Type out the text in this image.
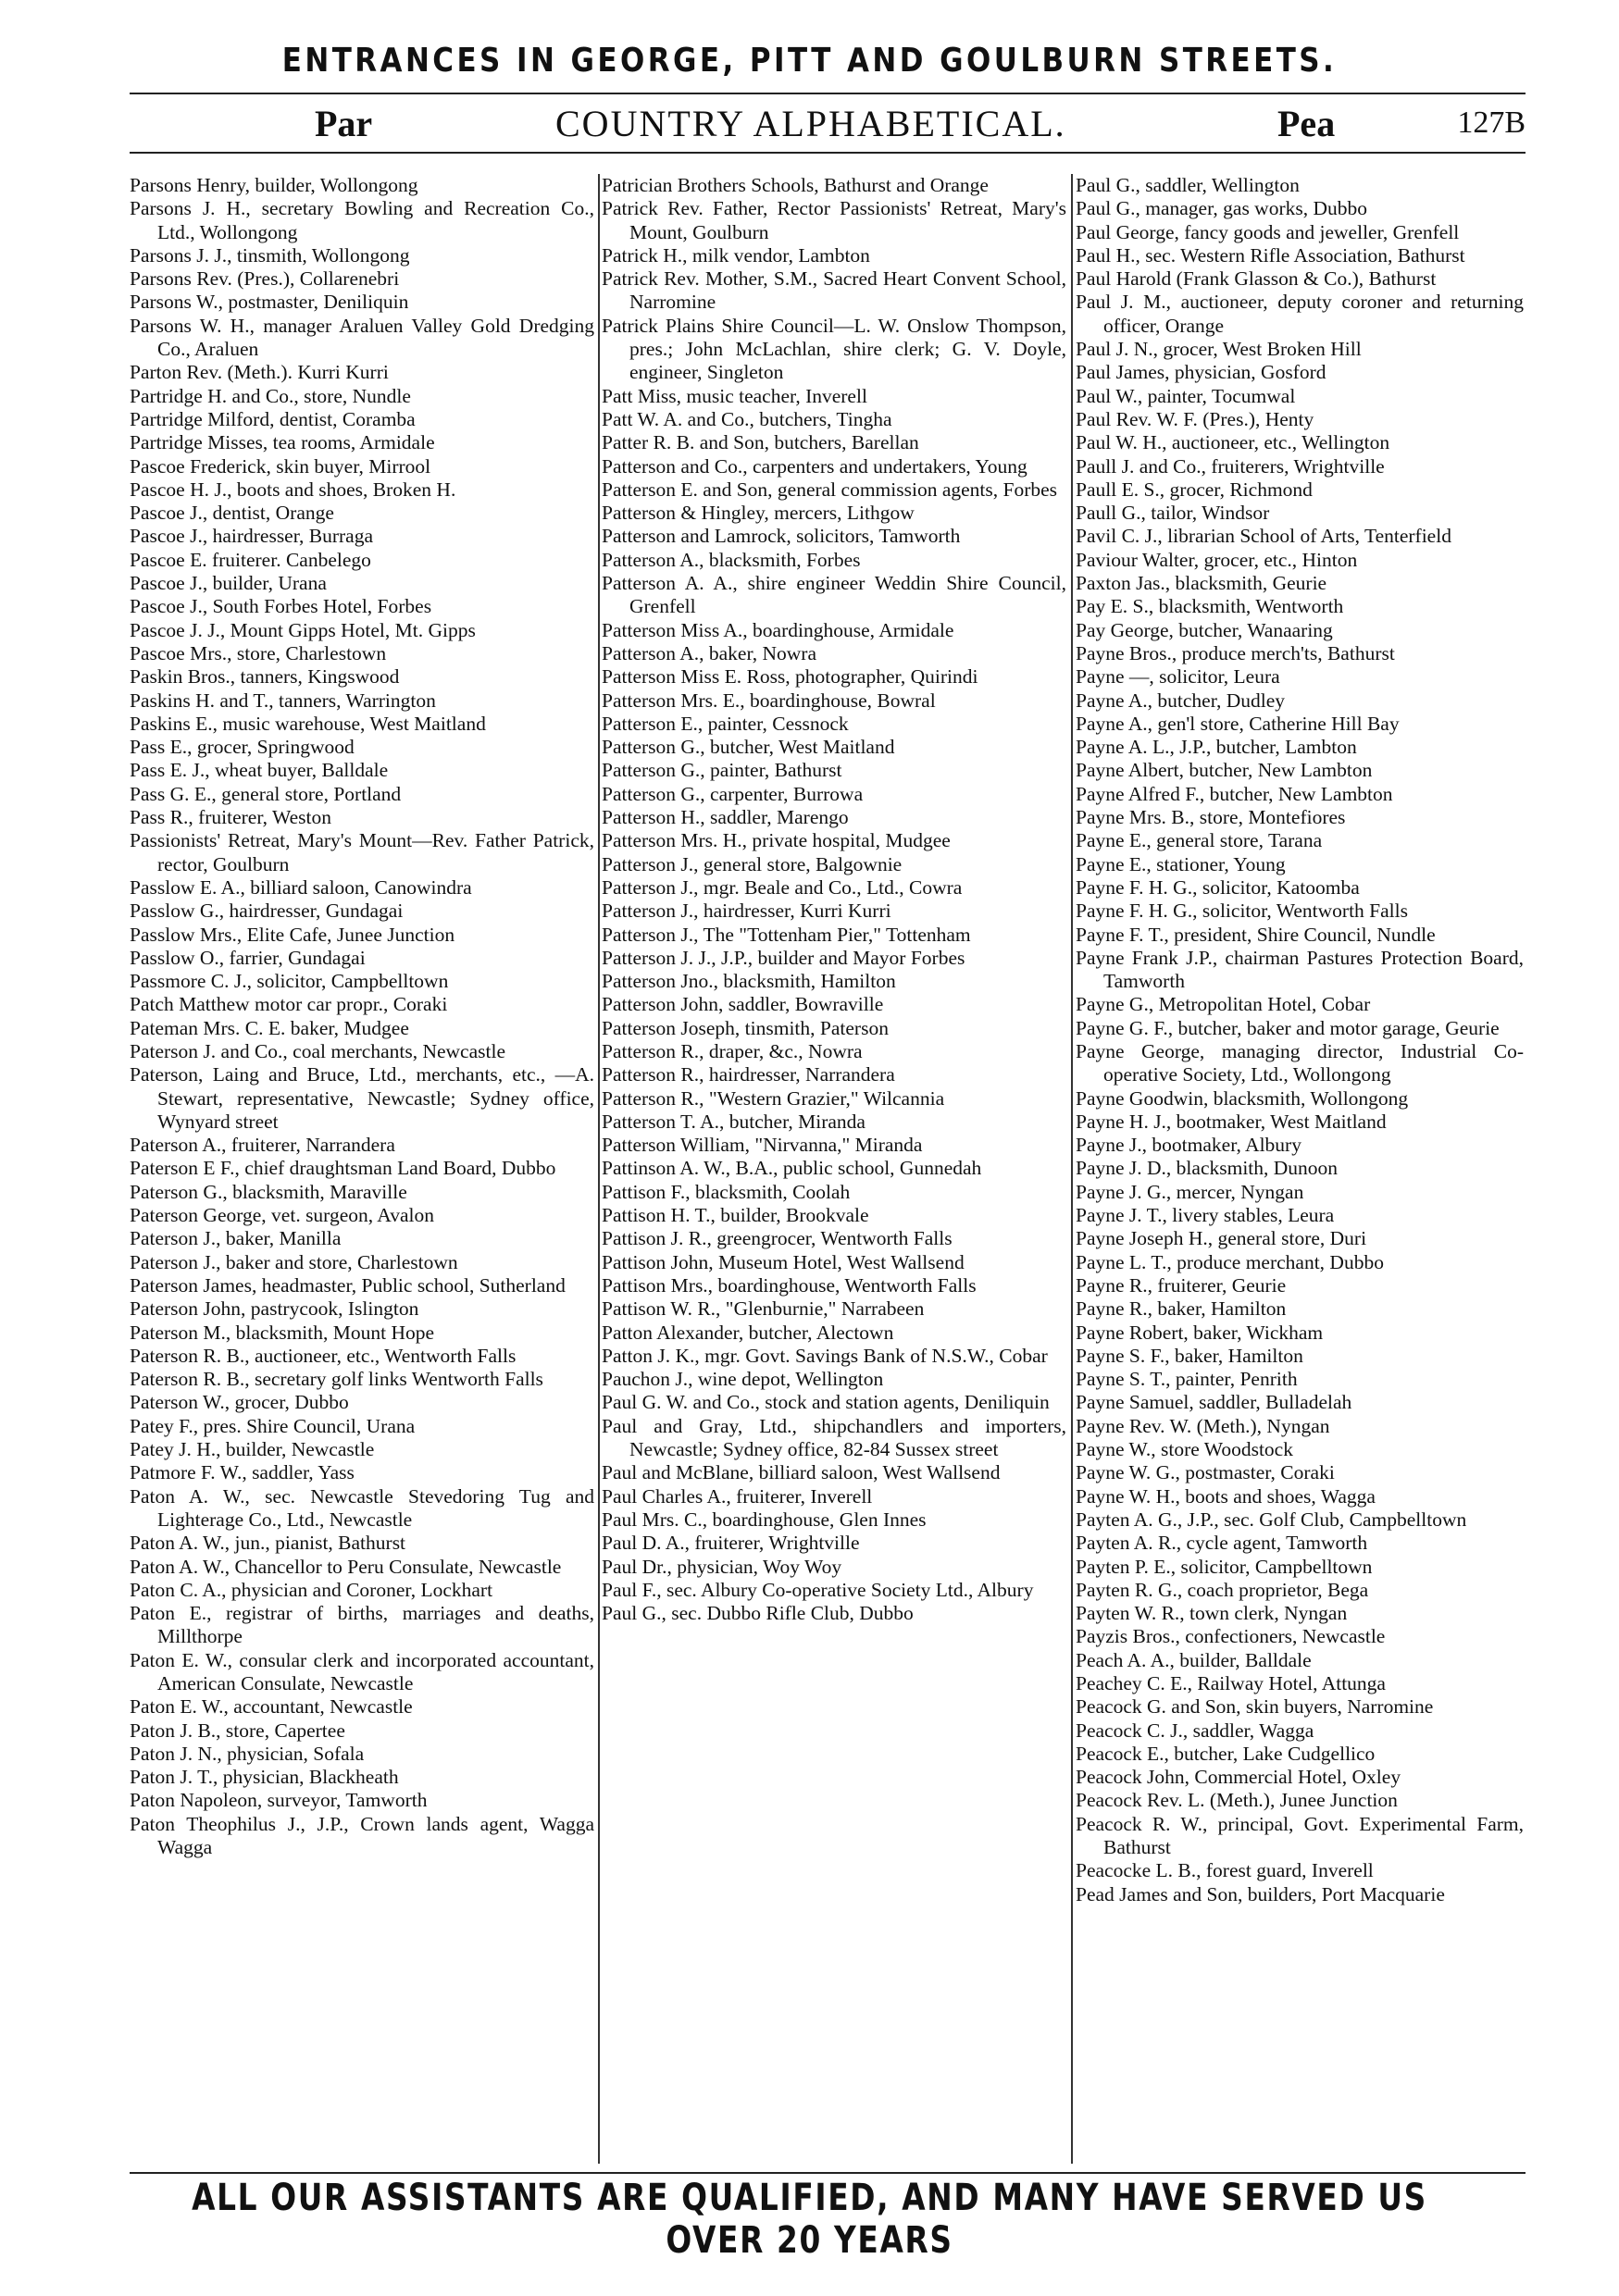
ENTRANCES IN GEORGE, PITT AND GOULBURN STREETS.
Par	COUNTRY ALPHABETICAL.	Pea	127B

Parsons Henry, builder, Wollongong

Parsons J. H., secretary Bowling and Recreation Co., Ltd., Wollongong

Parsons J. J., tinsmith, Wollongong

Parsons Rev. (Pres.), Collarenebri

Parsons W., postmaster, Deniliquin

Parsons W. H., manager Araluen Valley Gold Dredging Co., Araluen

Parton Rev. (Meth.). Kurri Kurri

Partridge H. and Co., store, Nundle

Partridge Milford, dentist, Coramba

Partridge Misses, tea rooms, Armidale

Pascoe Frederick, skin buyer, Mirrool

Pascoe H. J., boots and shoes, Broken H.

Pascoe J., dentist, Orange

Pascoe J., hairdresser, Burraga

Pascoe E. fruiterer. Canbelego

Pascoe J., builder, Urana

Pascoe J., South Forbes Hotel, Forbes

Pascoe J. J., Mount Gipps Hotel, Mt. Gipps

Pascoe Mrs., store, Charlestown

Paskin Bros., tanners, Kingswood

Paskins H. and T., tanners, Warrington

Paskins E., music warehouse, West Maitland

Pass E., grocer, Springwood

Pass E. J., wheat buyer, Balldale

Pass G. E., general store, Portland

Pass R., fruiterer, Weston

Passionists' Retreat, Mary's Mount—Rev. Father Patrick, rector, Goulburn

Passlow E. A., billiard saloon, Canowindra

Passlow G., hairdresser, Gundagai

Passlow Mrs., Elite Cafe, Junee Junction

Passlow O., farrier, Gundagai

Passmore C. J., solicitor, Campbelltown

Patch Matthew motor car propr., Coraki

Pateman Mrs. C. E. baker, Mudgee

Paterson J. and Co., coal merchants, Newcastle

Paterson, Laing and Bruce, Ltd., merchants, etc., —A. Stewart, representative, Newcastle; Sydney office, Wynyard street

Paterson A., fruiterer, Narrandera

Paterson E F., chief draughtsman Land Board, Dubbo

Paterson G., blacksmith, Maraville

Paterson George, vet. surgeon, Avalon

Paterson J., baker, Manilla

Paterson J., baker and store, Charlestown

Paterson James, headmaster, Public school, Sutherland

Paterson John, pastrycook, Islington

Paterson M., blacksmith, Mount Hope

Paterson R. B., auctioneer, etc., Wentworth Falls

Paterson R. B., secretary golf links Wentworth Falls

Paterson W., grocer, Dubbo

Patey F., pres. Shire Council, Urana

Patey J. H., builder, Newcastle

Patmore F. W., saddler, Yass

Paton A. W., sec. Newcastle Stevedoring Tug and Lighterage Co., Ltd., Newcastle

Paton A. W., jun., pianist, Bathurst

Paton A. W., Chancellor to Peru Consulate, Newcastle

Paton C. A., physician and Coroner, Lockhart

Paton E., registrar of births, marriages and deaths, Millthorpe

Paton E. W., consular clerk and incorporated accountant, American Consulate, Newcastle

Paton E. W., accountant, Newcastle

Paton J. B., store, Capertee

Paton J. N., physician, Sofala

Paton J. T., physician, Blackheath

Paton Napoleon, surveyor, Tamworth

Paton Theophilus J., J.P., Crown lands agent, Wagga Wagga

Patrician Brothers Schools, Bathurst and Orange

Patrick Rev. Father, Rector Passionists' Retreat, Mary's Mount, Goulburn

Patrick H., milk vendor, Lambton

Patrick Rev. Mother, S.M., Sacred Heart Convent School, Narromine

Patrick Plains Shire Council—L. W. Onslow Thompson, pres.; John McLachlan, shire clerk; G. V. Doyle, engineer, Singleton

Patt Miss, music teacher, Inverell

Patt W. A. and Co., butchers, Tingha

Patter R. B. and Son, butchers, Barellan

Patterson and Co., carpenters and undertakers, Young

Patterson E. and Son, general commission agents, Forbes

Patterson & Hingley, mercers, Lithgow

Patterson and Lamrock, solicitors, Tamworth

Patterson A., blacksmith, Forbes

Patterson A. A., shire engineer Weddin Shire Council, Grenfell

Patterson Miss A., boardinghouse, Armidale

Patterson A., baker, Nowra

Patterson Miss E. Ross, photographer, Quirindi

Patterson Mrs. E., boardinghouse, Bowral

Patterson E., painter, Cessnock

Patterson G., butcher, West Maitland

Patterson G., painter, Bathurst

Patterson G., carpenter, Burrowa

Patterson H., saddler, Marengo

Patterson Mrs. H., private hospital, Mudgee

Patterson J., general store, Balgownie

Patterson J., mgr. Beale and Co., Ltd., Cowra

Patterson J., hairdresser, Kurri Kurri

Patterson J., The "Tottenham Pier," Tottenham

Patterson J. J., J.P., builder and Mayor Forbes

Patterson Jno., blacksmith, Hamilton

Patterson John, saddler, Bowraville

Patterson Joseph, tinsmith, Paterson

Patterson R., draper, &c., Nowra

Patterson R., hairdresser, Narrandera

Patterson R., "Western Grazier," Wilcannia

Patterson T. A., butcher, Miranda

Patterson William, "Nirvanna," Miranda

Pattinson A. W., B.A., public school, Gunnedah

Pattison F., blacksmith, Coolah

Pattison H. T., builder, Brookvale

Pattison J. R., greengrocer, Wentworth Falls

Pattison John, Museum Hotel, West Wallsend

Pattison Mrs., boardinghouse, Wentworth Falls

Pattison W. R., "Glenburnie," Narrabeen

Patton Alexander, butcher, Alectown

Patton J. K., mgr. Govt. Savings Bank of N.S.W., Cobar

Pauchon J., wine depot, Wellington

Paul G. W. and Co., stock and station agents, Deniliquin

Paul and Gray, Ltd., shipchandlers and importers, Newcastle; Sydney office, 82-84 Sussex street

Paul and McBlane, billiard saloon, West Wallsend

Paul Charles A., fruiterer, Inverell

Paul Mrs. C., boardinghouse, Glen Innes

Paul D. A., fruiterer, Wrightville

Paul Dr., physician, Woy Woy

Paul F., sec. Albury Co-operative Society Ltd., Albury

Paul G., sec. Dubbo Rifle Club, Dubbo

Paul G., saddler, Wellington

Paul G., manager, gas works, Dubbo

Paul George, fancy goods and jeweller, Grenfell

Paul H., sec. Western Rifle Association, Bathurst

Paul Harold (Frank Glasson & Co.), Bathurst

Paul J. M., auctioneer, deputy coroner and returning officer, Orange

Paul J. N., grocer, West Broken Hill

Paul James, physician, Gosford

Paul W., painter, Tocumwal

Paul Rev. W. F. (Pres.), Henty

Paul W. H., auctioneer, etc., Wellington

Paull J. and Co., fruiterers, Wrightville

Paull E. S., grocer, Richmond

Paull G., tailor, Windsor

Pavil C. J., librarian School of Arts, Tenterfield

Paviour Walter, grocer, etc., Hinton

Paxton Jas., blacksmith, Geurie

Pay E. S., blacksmith, Wentworth

Pay George, butcher, Wanaaring

Payne Bros., produce merch'ts, Bathurst

Payne —, solicitor, Leura

Payne A., butcher, Dudley

Payne A., gen'l store, Catherine Hill Bay

Payne A. L., J.P., butcher, Lambton

Payne Albert, butcher, New Lambton

Payne Alfred F., butcher, New Lambton

Payne Mrs. B., store, Montefiores

Payne E., general store, Tarana

Payne E., stationer, Young

Payne F. H. G., solicitor, Katoomba

Payne F. H. G., solicitor, Wentworth Falls

Payne F. T., president, Shire Council, Nundle

Payne Frank J.P., chairman Pastures Protection Board, Tamworth

Payne G., Metropolitan Hotel, Cobar

Payne G. F., butcher, baker and motor garage, Geurie

Payne George, managing director, Industrial Co-operative Society, Ltd., Wollongong

Payne Goodwin, blacksmith, Wollongong

Payne H. J., bootmaker, West Maitland

Payne J., bootmaker, Albury

Payne J. D., blacksmith, Dunoon

Payne J. G., mercer, Nyngan

Payne J. T., livery stables, Leura

Payne Joseph H., general store, Duri

Payne L. T., produce merchant, Dubbo

Payne R., fruiterer, Geurie

Payne R., baker, Hamilton

Payne Robert, baker, Wickham

Payne S. F., baker, Hamilton

Payne S. T., painter, Penrith

Payne Samuel, saddler, Bulladelah

Payne Rev. W. (Meth.), Nyngan

Payne W., store Woodstock

Payne W. G., postmaster, Coraki

Payne W. H., boots and shoes, Wagga

Payten A. G., J.P., sec. Golf Club, Campbelltown

Payten A. R., cycle agent, Tamworth

Payten P. E., solicitor, Campbelltown

Payten R. G., coach proprietor, Bega

Payten W. R., town clerk, Nyngan

Payzis Bros., confectioners, Newcastle

Peach A. A., builder, Balldale

Peachey C. E., Railway Hotel, Attunga

Peacock G. and Son, skin buyers, Narromine

Peacock C. J., saddler, Wagga

Peacock E., butcher, Lake Cudgellico

Peacock John, Commercial Hotel, Oxley

Peacock Rev. L. (Meth.), Junee Junction

Peacock R. W., principal, Govt. Experimental Farm, Bathurst

Peacocke L. B., forest guard, Inverell

Pead James and Son, builders, Port Macquarie

ALL OUR ASSISTANTS ARE QUALIFIED, AND MANY HAVE SERVED US OVER 20 YEARS
